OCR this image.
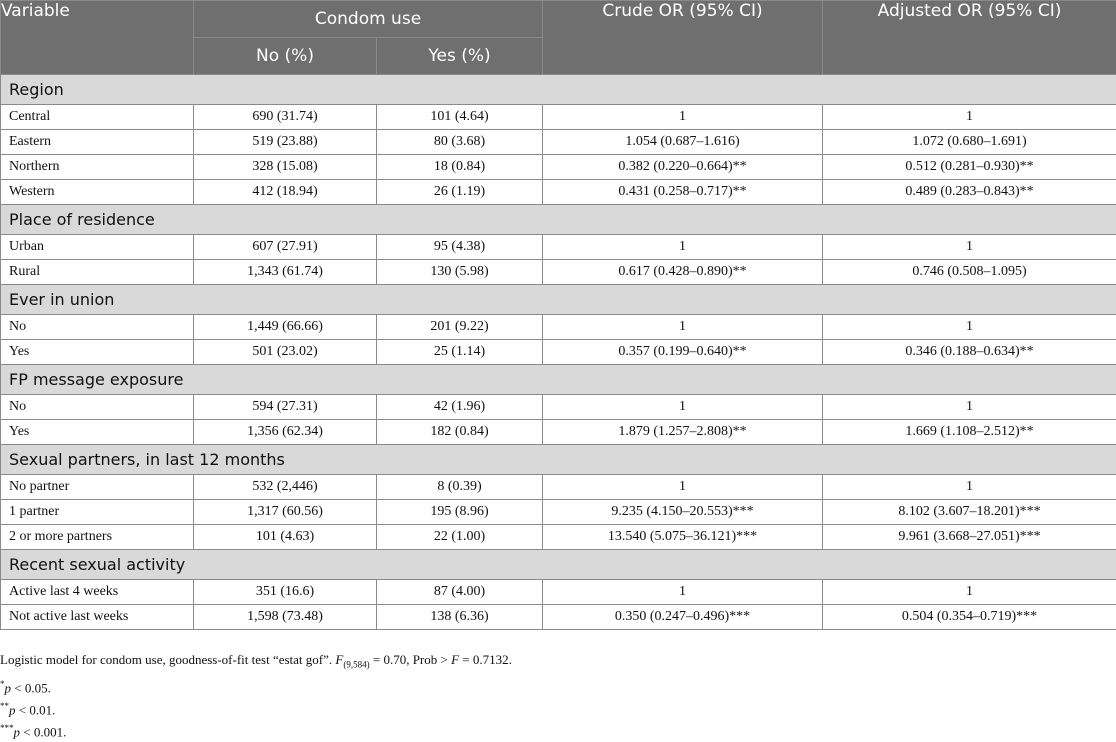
Variable	Condom use		Crude OR (95% CI)	Adjusted OR (95% CI)
	No (%)	Yes (%)		
Region				
Central	690 (31.74)	101 (4.64)	1	1
Eastern	519 (23.88)	80 (3.68)	1.054 (0.687–1.616)	1.072 (0.680–1.691)
Northern	328 (15.08)	18 (0.84)	0.382 (0.220–0.664)**	0.512 (0.281–0.930)**
Western	412 (18.94)	26 (1.19)	0.431 (0.258–0.717)**	0.489 (0.283–0.843)**
Place of residence				
Urban	607 (27.91)	95 (4.38)	1	1
Rural	1,343 (61.74)	130 (5.98)	0.617 (0.428–0.890)**	0.746 (0.508–1.095)
Ever in union				
No	1,449 (66.66)	201 (9.22)	1	1
Yes	501 (23.02)	25 (1.14)	0.357 (0.199–0.640)**	0.346 (0.188–0.634)**
FP message exposure				
No	594 (27.31)	42 (1.96)	1	1
Yes	1,356 (62.34)	182 (0.84)	1.879 (1.257–2.808)**	1.669 (1.108–2.512)**
Sexual partners, in last 12 months				
No partner	532 (2,446)	8 (0.39)	1	1
1 partner	1,317 (60.56)	195 (8.96)	9.235 (4.150–20.553)***	8.102 (3.607–18.201)***
2 or more partners	101 (4.63)	22 (1.00)	13.540 (5.075–36.121)***	9.961 (3.668–27.051)***
Recent sexual activity				
Active last 4 weeks	351 (16.6)	87 (4.00)	1	1
Not active last weeks	1,598 (73.48)	138 (6.36)	0.350 (0.247–0.496)***	0.504 (0.354–0.719)***
Logistic model for condom use, goodness-of-fit test “estat gof”. $F_{(9,584)} = 0.70$, Prob > F = 0.7132.
*p < 0.05.
**p < 0.01.
***p < 0.001.
